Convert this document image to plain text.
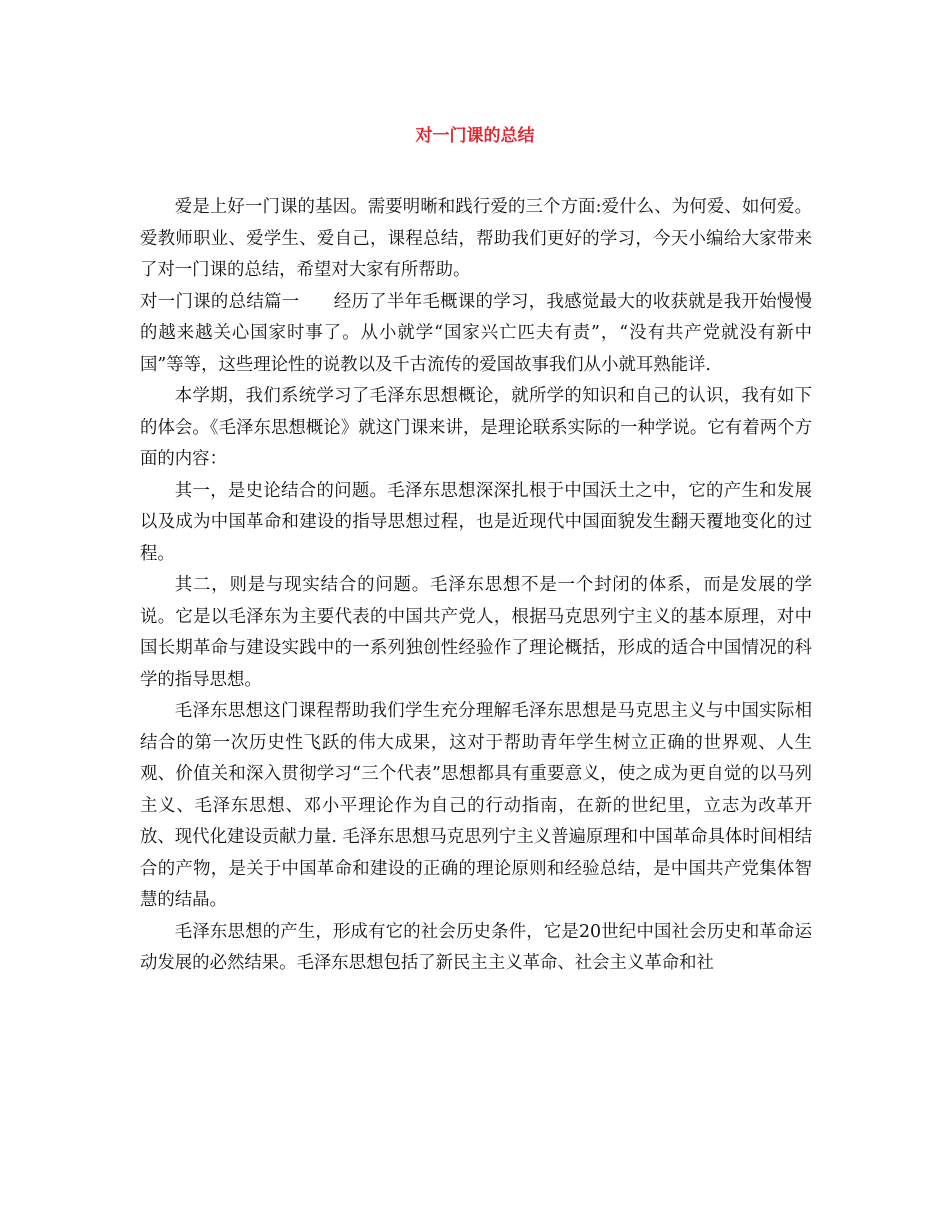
对一门课的总结

爱是上好一门课的基因。需要明晰和践行爱的三个方面:爱什么、为何爱、如何爱。爱教师职业、爱学生、爱自己，课程总结，帮助我们更好的学习，今天小编给大家带来了对一门课的总结，希望对大家有所帮助。

对一门课的总结篇一 经历了半年毛概课的学习，我感觉最大的收获就是我开始慢慢的越来越关心国家时事了。从小就学“国家兴亡匹夫有责”，“没有共产党就没有新中国”等等，这些理论性的说教以及千古流传的爱国故事我们从小就耳熟能详.

本学期，我们系统学习了毛泽东思想概论，就所学的知识和自己的认识，我有如下的体会。《毛泽东思想概论》就这门课来讲，是理论联系实际的一种学说。它有着两个方面的内容：

其一，是史论结合的问题。毛泽东思想深深扎根于中国沃土之中，它的产生和发展以及成为中国革命和建设的指导思想过程，也是近现代中国面貌发生翻天覆地变化的过程。

其二，则是与现实结合的问题。毛泽东思想不是一个封闭的体系，而是发展的学说。它是以毛泽东为主要代表的中国共产党人，根据马克思列宁主义的基本原理，对中国长期革命与建设实践中的一系列独创性经验作了理论概括，形成的适合中国情况的科学的指导思想。

毛泽东思想这门课程帮助我们学生充分理解毛泽东思想是马克思主义与中国实际相结合的第一次历史性飞跃的伟大成果，这对于帮助青年学生树立正确的世界观、人生观、价值关和深入贯彻学习“三个代表”思想都具有重要意义，使之成为更自觉的以马列主义、毛泽东思想、邓小平理论作为自己的行动指南，在新的世纪里，立志为改革开放、现代化建设贡献力量. 毛泽东思想马克思列宁主义普遍原理和中国革命具体时间相结合的产物，是关于中国革命和建设的正确的理论原则和经验总结，是中国共产党集体智慧的结晶。

毛泽东思想的产生，形成有它的社会历史条件，它是20世纪中国社会历史和革命运动发展的必然结果。毛泽东思想包括了新民主主义革命、社会主义革命和社
